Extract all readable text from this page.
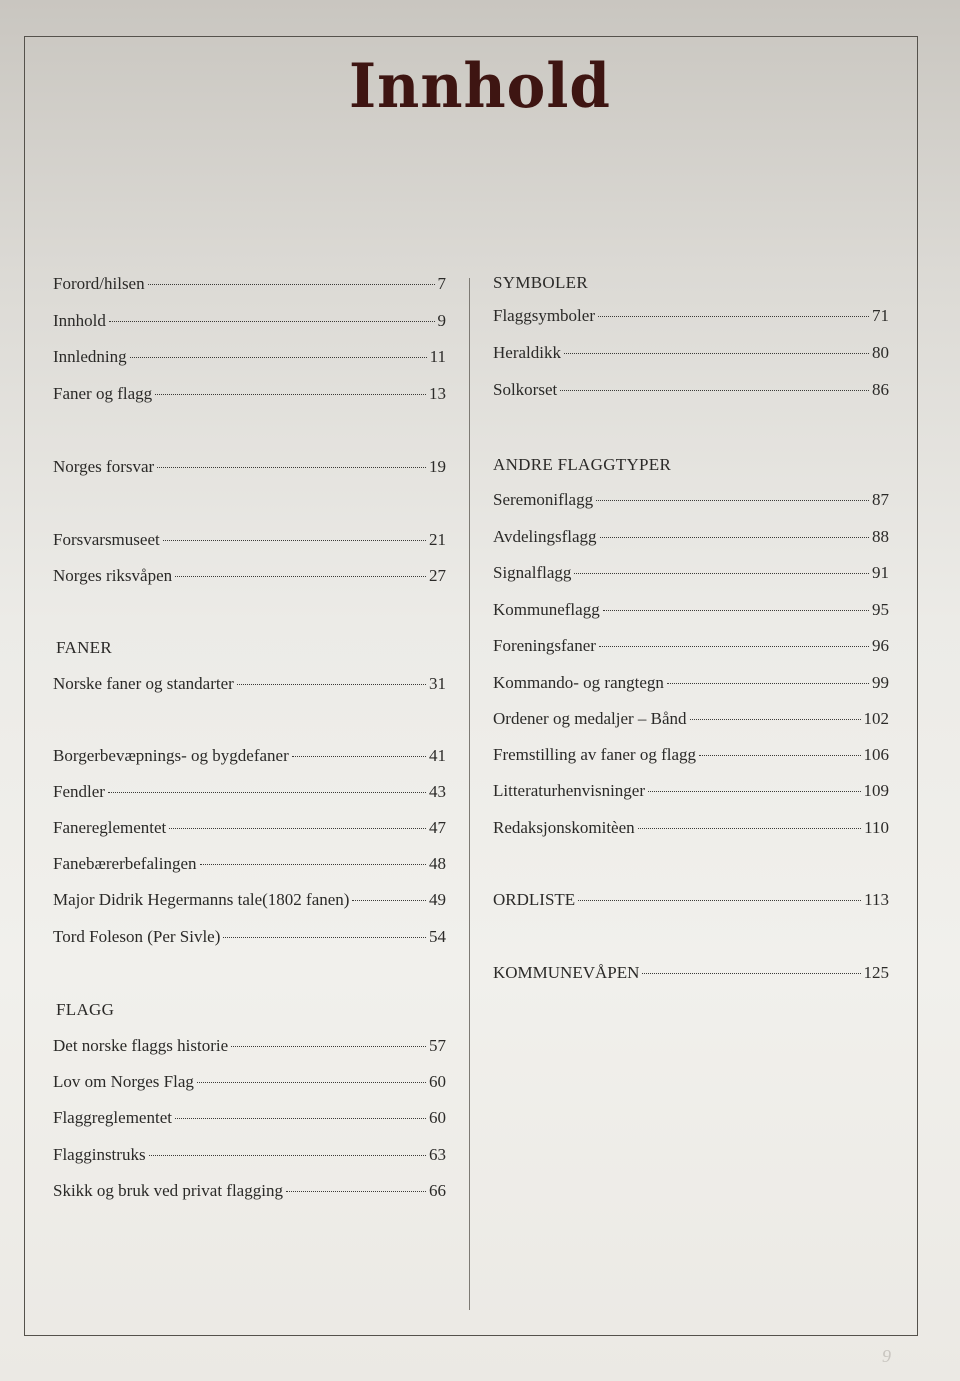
Innhold
Forord/hilsen	7
Innhold	9
Innledning	11
Faner og flagg	13
Norges forsvar	19
Forsvarsmuseet	21
Norges riksvåpen	27
FANER
Norske faner og standarter	31
Borgerbevæpnings- og bygdefaner	41
Fendler	43
Fanereglementet	47
Fanebærerbefalingen	48
Major Didrik Hegermanns tale(1802 fanen)	49
Tord Foleson (Per Sivle)	54
FLAGG
Det norske flaggs historie	57
Lov om Norges Flag	60
Flaggreglementet	60
Flagginstruks	63
Skikk og bruk ved privat flagging	66
SYMBOLER
Flaggsymboler	71
Heraldikk	80
Solkorset	86
ANDRE FLAGGTYPER
Seremoniflagg	87
Avdelingsflagg	88
Signalflagg	91
Kommuneflagg	95
Foreningsfaner	96
Kommando- og rangtegn	99
Ordener og medaljer – Bånd	102
Fremstilling av faner og flagg	106
Litteraturhenvisninger	109
Redaksjonskomitèen	110
ORDLISTE	113
KOMMUNEVÅPEN	125
9
